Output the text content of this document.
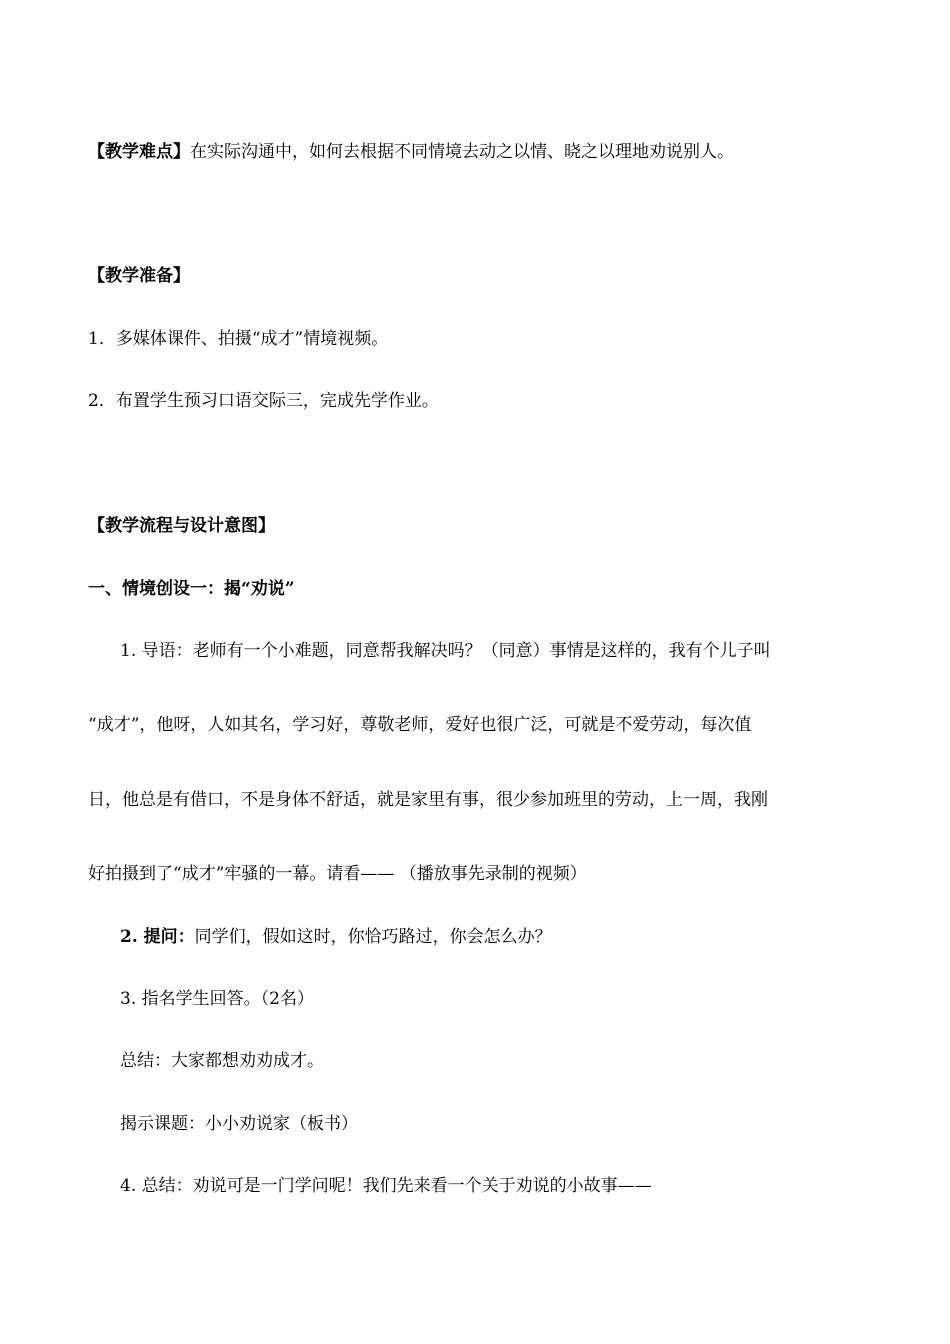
【教学难点】在实际沟通中，如何去根据不同情境去动之以情、晓之以理地劝说别人。
【教学准备】
1．多媒体课件、拍摄“成才”情境视频。
2．布置学生预习口语交际三，完成先学作业。
【教学流程与设计意图】
一、情境创设一：揭“劝说”
1. 导语：老师有一个小难题，同意帮我解决吗？（同意）事情是这样的，我有个儿子叫
“成才”，他呀，人如其名，学习好，尊敬老师，爱好也很广泛，可就是不爱劳动，每次值
日，他总是有借口，不是身体不舒适，就是家里有事，很少参加班里的劳动，上一周，我刚
好拍摄到了“成才”牢骚的一幕。请看—— （播放事先录制的视频）
2. 提问：同学们，假如这时，你恰巧路过，你会怎么办？
3. 指名学生回答。（2名）
总结：大家都想劝劝成才。
揭示课题：小小劝说家（板书）
4. 总结：劝说可是一门学问呢！我们先来看一个关于劝说的小故事——
